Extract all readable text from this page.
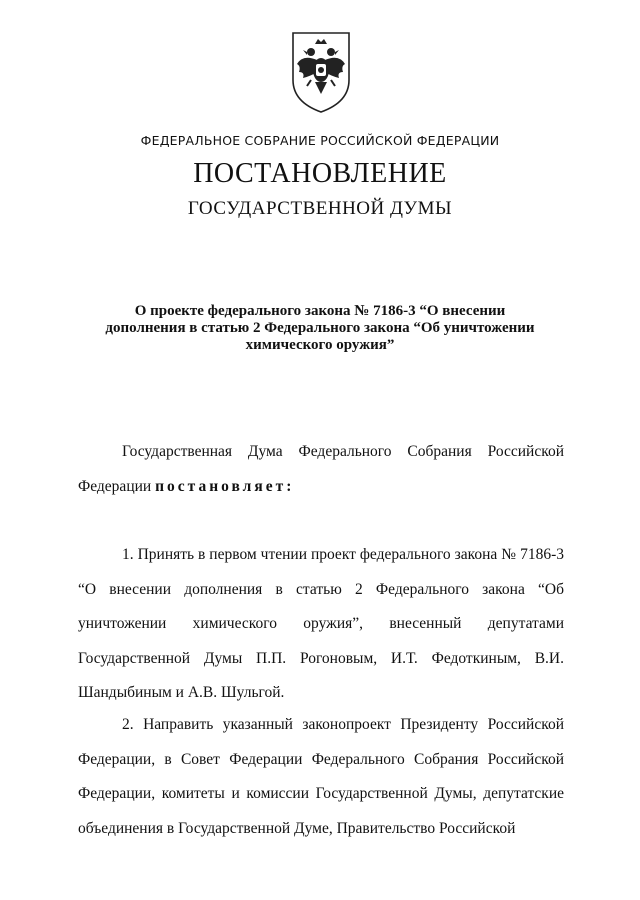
ФЕДЕРАЛЬНОЕ СОБРАНИЕ РОССИЙСКОЙ ФЕДЕРАЦИИ
ПОСТАНОВЛЕНИЕ
ГОСУДАРСТВЕННОЙ ДУМЫ
О проекте федерального закона № 7186-3 “О внесении
дополнения в статью 2 Федерального закона “Об уничтожении
химического оружия”
Государственная Дума Федерального Собрания Российской Федерации постановляет:
1. Принять в первом чтении проект федерального закона № 7186-3 “О внесении дополнения в статью 2 Федерального закона “Об уничтожении химического оружия”, внесенный депутатами Государственной Думы П.П. Рогоновым, И.Т. Федоткиным, В.И. Шандыбиным и А.В. Шульгой.
2. Направить указанный законопроект Президенту Российской Федерации, в Совет Федерации Федерального Собрания Российской Федерации, комитеты и комиссии Государственной Думы, депутатские объединения в Государственной Думе, Правительство Российской
